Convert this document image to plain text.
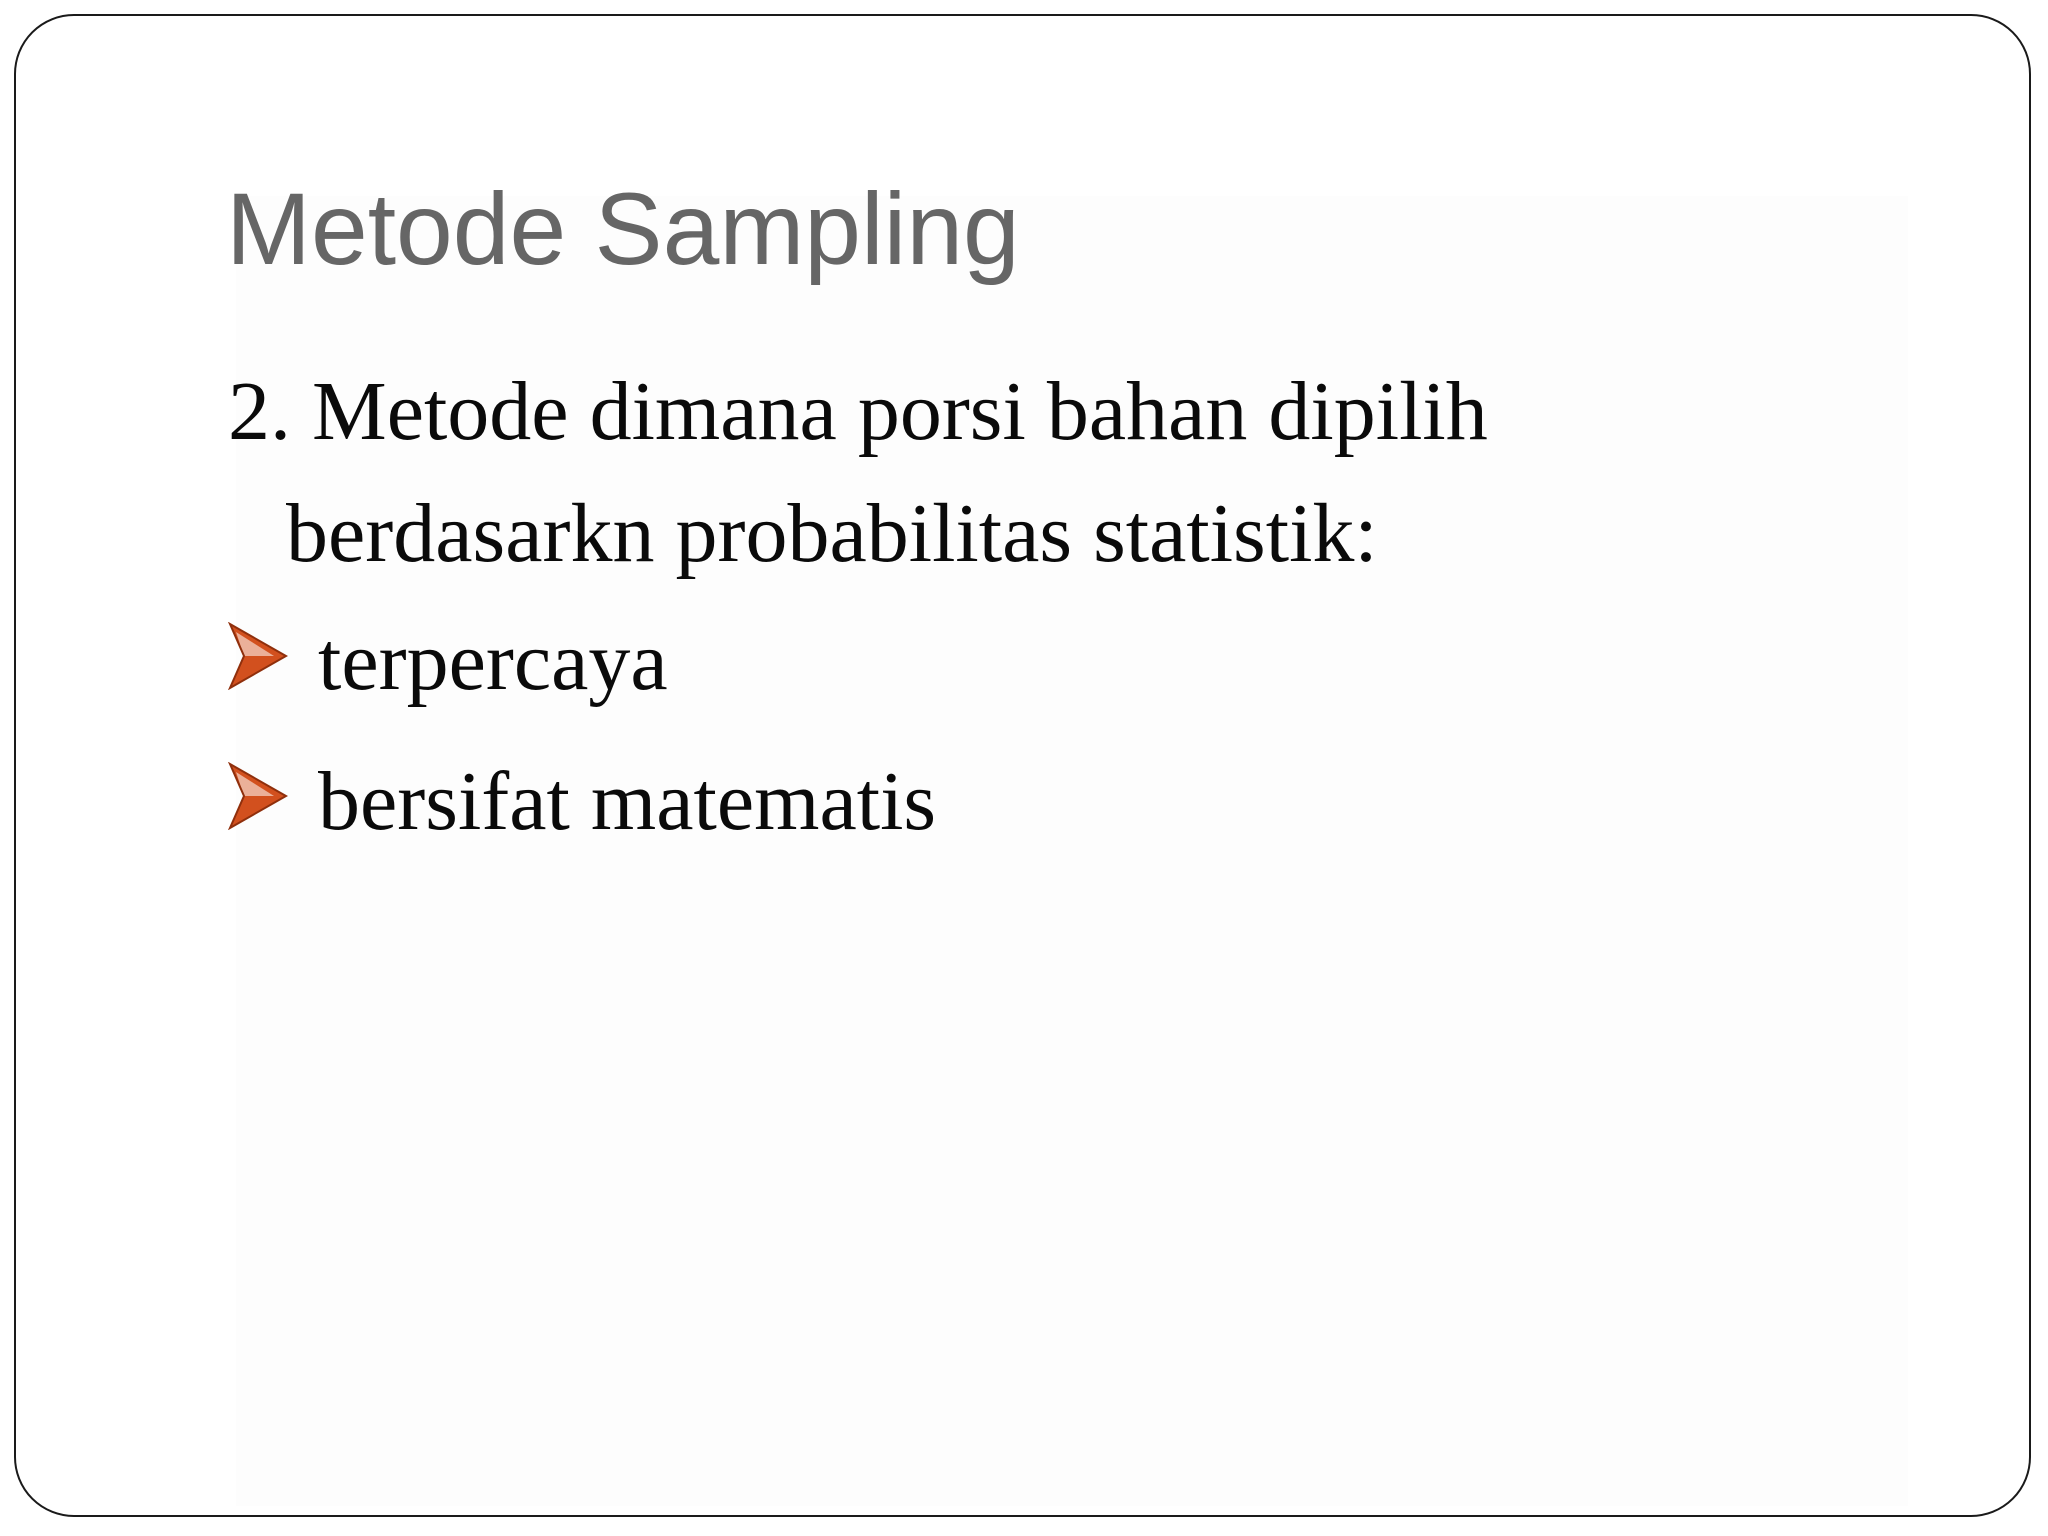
Metode Sampling
2. Metode dimana porsi bahan dipilih
berdasarkn probabilitas statistik:
terpercaya
bersifat matematis
